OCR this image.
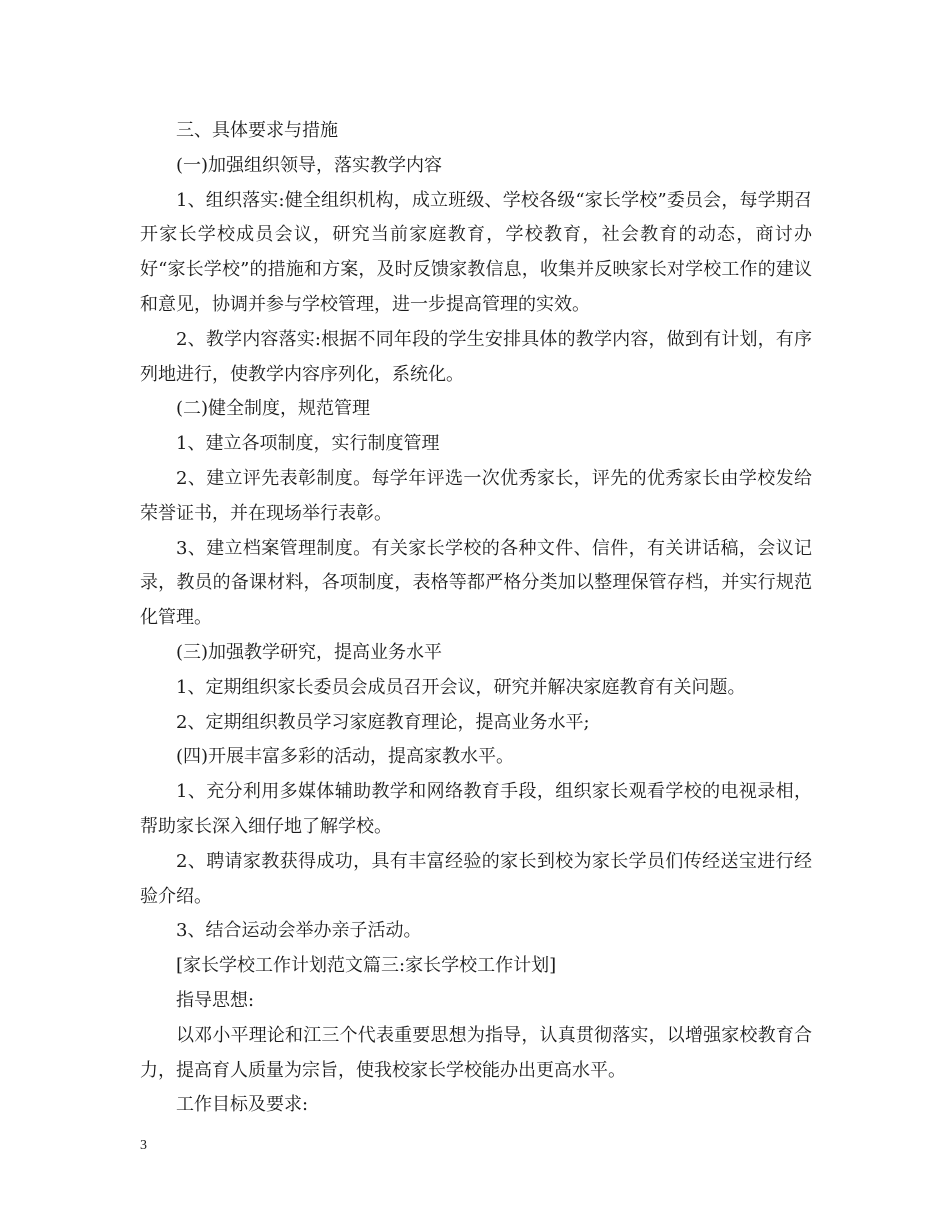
三、具体要求与措施

(一)加强组织领导，落实教学内容

1、组织落实:健全组织机构，成立班级、学校各级“家长学校”委员会，每学期召开家长学校成员会议，研究当前家庭教育，学校教育，社会教育的动态，商讨办好“家长学校”的措施和方案，及时反馈家教信息，收集并反映家长对学校工作的建议和意见，协调并参与学校管理，进一步提高管理的实效。

2、教学内容落实:根据不同年段的学生安排具体的教学内容，做到有计划，有序列地进行，使教学内容序列化，系统化。

(二)健全制度，规范管理

1、建立各项制度，实行制度管理

2、建立评先表彰制度。每学年评选一次优秀家长，评先的优秀家长由学校发给荣誉证书，并在现场举行表彰。

3、建立档案管理制度。有关家长学校的各种文件、信件，有关讲话稿，会议记录，教员的备课材料，各项制度，表格等都严格分类加以整理保管存档，并实行规范化管理。

(三)加强教学研究，提高业务水平

1、定期组织家长委员会成员召开会议，研究并解决家庭教育有关问题。

2、定期组织教员学习家庭教育理论，提高业务水平;

(四)开展丰富多彩的活动，提高家教水平。

1、充分利用多媒体辅助教学和网络教育手段，组织家长观看学校的电视录相，帮助家长深入细仔地了解学校。

2、聘请家教获得成功，具有丰富经验的家长到校为家长学员们传经送宝进行经验介绍。

3、结合运动会举办亲子活动。

[家长学校工作计划范文篇三:家长学校工作计划]

指导思想:

以邓小平理论和江三个代表重要思想为指导，认真贯彻落实，以增强家校教育合力，提高育人质量为宗旨，使我校家长学校能办出更高水平。

工作目标及要求:

3
